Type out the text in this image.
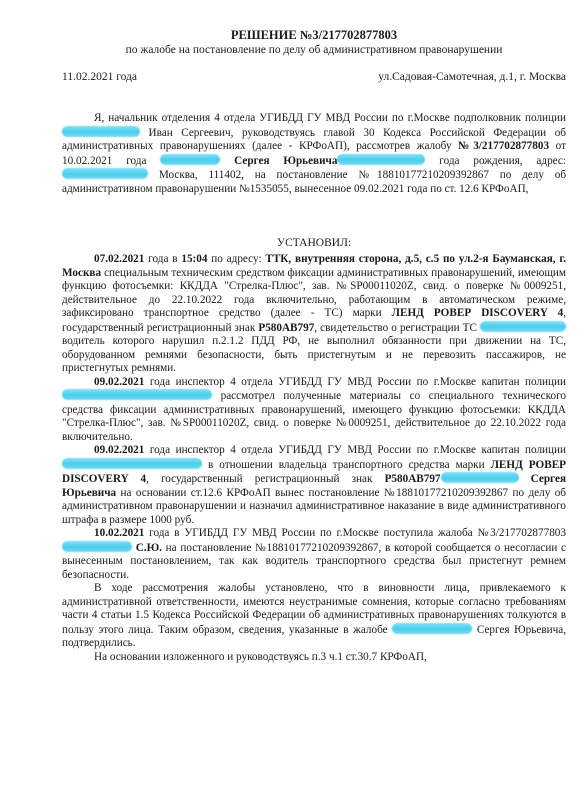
РЕШЕНИЕ №3/217702877803
по жалобе на постановление по делу об административном правонарушении
11.02.2021 года	ул.Садовая-Самотечная, д.1, г. Москва

Я, начальник отделения 4 отдела УГИБДД ГУ МВД России по г.Москве подполковник полиции  Иван Сергеевич, руководствуясь главой 30 Кодекса Российской Федерации об административных правонарушениях (далее - КРФоАП), рассмотрев жалобу №3/217702877803 от 10.02.2021 года	Сергея Юрьевича	года рождения, адрес:  Москва, 111402, на постановление №18810177210209392867 по делу об административном правонарушении №1535055, вынесенное 09.02.2021 года по ст. 12.6 КРФоАП,

УСТАНОВИЛ:

07.02.2021 года в 15:04 по адресу: ТТК, внутренняя сторона, д.5, с.5 по ул.2-я Бауманская, г. Москва специальным техническим средством фиксации административных правонарушений, имеющим функцию фотосъемки: ККДДА "Стрелка-Плюс", зав. №SP00011020Z, свид. о поверке №0009251, действительное до 22.10.2022 года включительно, работающим в автоматическом режиме, зафиксировано транспортное средство (далее - ТС) марки ЛЕНД РОВЕР DISCOVERY 4, государственный регистрационный знак Р580АВ797, свидетельство о регистрации ТС  водитель которого нарушил п.2.1.2 ПДД РФ, не выполнил обязанности при движении на ТС, оборудованном ремнями безопасности, быть пристегнутым и не перевозить пассажиров, не пристегнутых ремнями.

09.02.2021 года инспектор 4 отдела УГИБДД ГУ МВД России по г.Москве капитан полиции  рассмотрел полученные материалы со специального технического средства фиксации административных правонарушений, имеющего функцию фотосъемки: ККДДА "Стрелка-Плюс", зав. №SP00011020Z, свид. о поверке №0009251, действительное до 22.10.2022 года включительно.

09.02.2021 года инспектор 4 отдела УГИБДД ГУ МВД России по г.Москве капитан полиции  в отношении владельца транспортного средства марки ЛЕНД РОВЕР DISCOVERY 4, государственный регистрационный знак Р580АВ797	Сергея Юрьевича на основании ст.12.6 КРФоАП вынес постановление №18810177210209392867 по делу об административном правонарушении и назначил административное наказание в виде административного штрафа в размере 1000 руб.

10.02.2021 года в УГИБДД ГУ МВД России по г.Москве поступила жалоба №3/217702877803  С.Ю. на постановление №18810177210209392867, в которой сообщается о несогласии с вынесенным постановлением, так как водитель транспортного средства был пристегнут ремнем безопасности.

В ходе рассмотрения жалобы установлено, что в виновности лица, привлекаемого к административной ответственности, имеются неустранимые сомнения, которые согласно требованиям части 4 статьи 1.5 Кодекса Российской Федерации об административных правонарушениях толкуются в пользу этого лица. Таким образом, сведения, указанные в жалобе	Сергея Юрьевича, подтвердились.

На основании изложенного и руководствуясь п.3 ч.1 ст.30.7 КРФоАП,
